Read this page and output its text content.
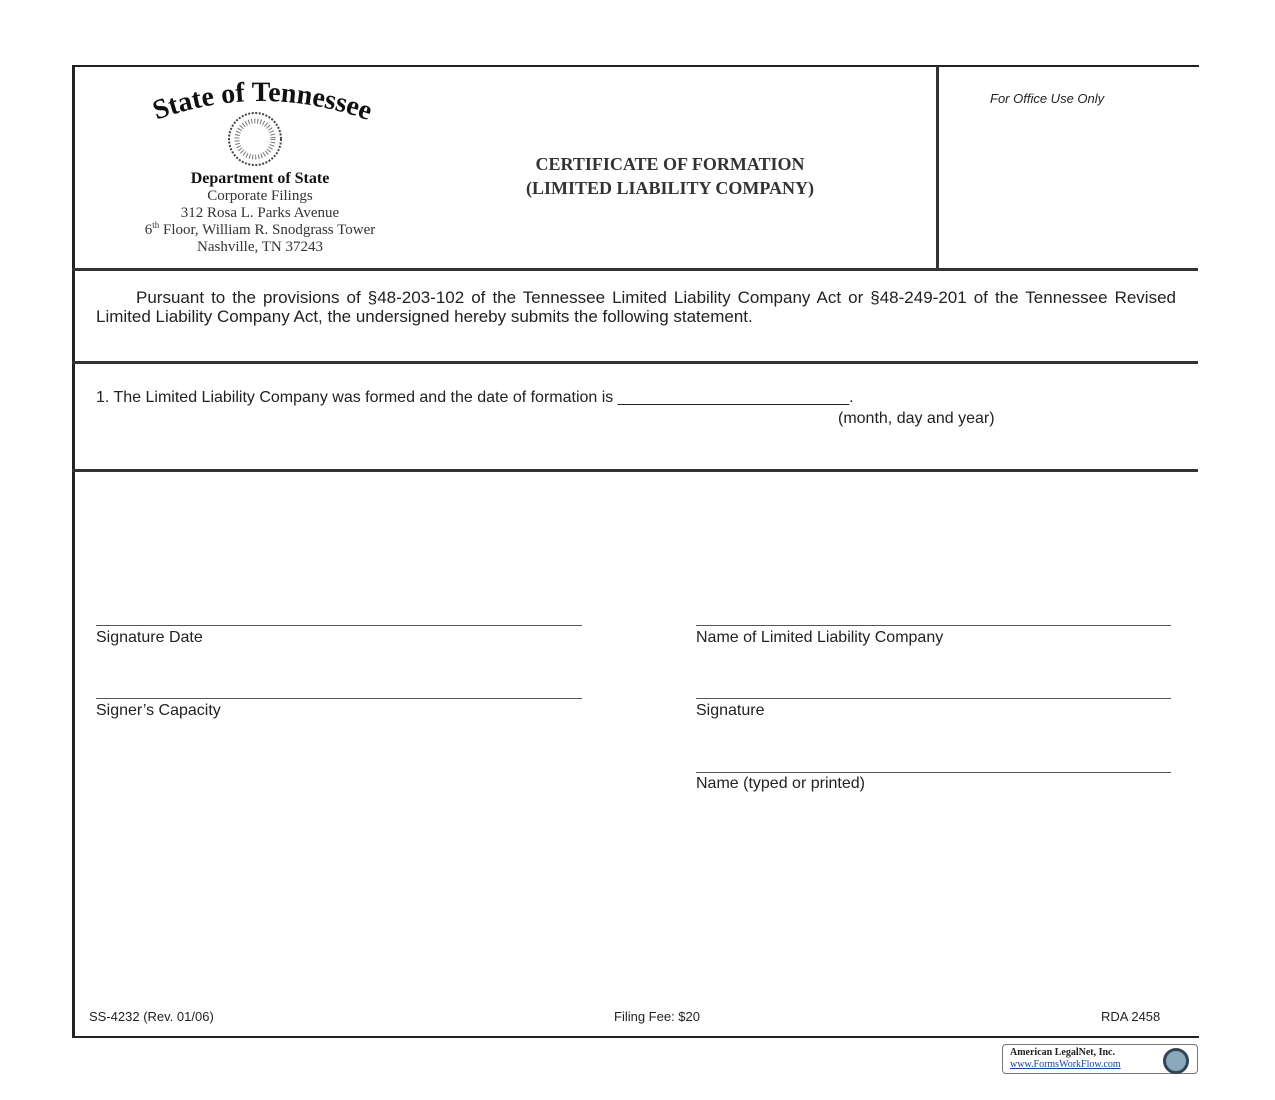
State of Tennessee
Department of State
Corporate Filings
312 Rosa L. Parks Avenue
6th Floor, William R. Snodgrass Tower
Nashville, TN 37243
CERTIFICATE OF FORMATION
(LIMITED LIABILITY COMPANY)
For Office Use Only
Pursuant to the provisions of §48-203-102 of the Tennessee Limited Liability Company Act or §48-249-201 of the Tennessee Revised Limited Liability Company Act, the undersigned hereby submits the following statement.
1. The Limited Liability Company was formed and the date of formation is __________________________.
(month, day and year)
Signature Date
Signer’s Capacity
Name of Limited Liability Company
Signature
Name (typed or printed)
SS-4232 (Rev. 01/06)	Filing Fee: $20	RDA 2458
American LegalNet, Inc.
www.FormsWorkFlow.com
